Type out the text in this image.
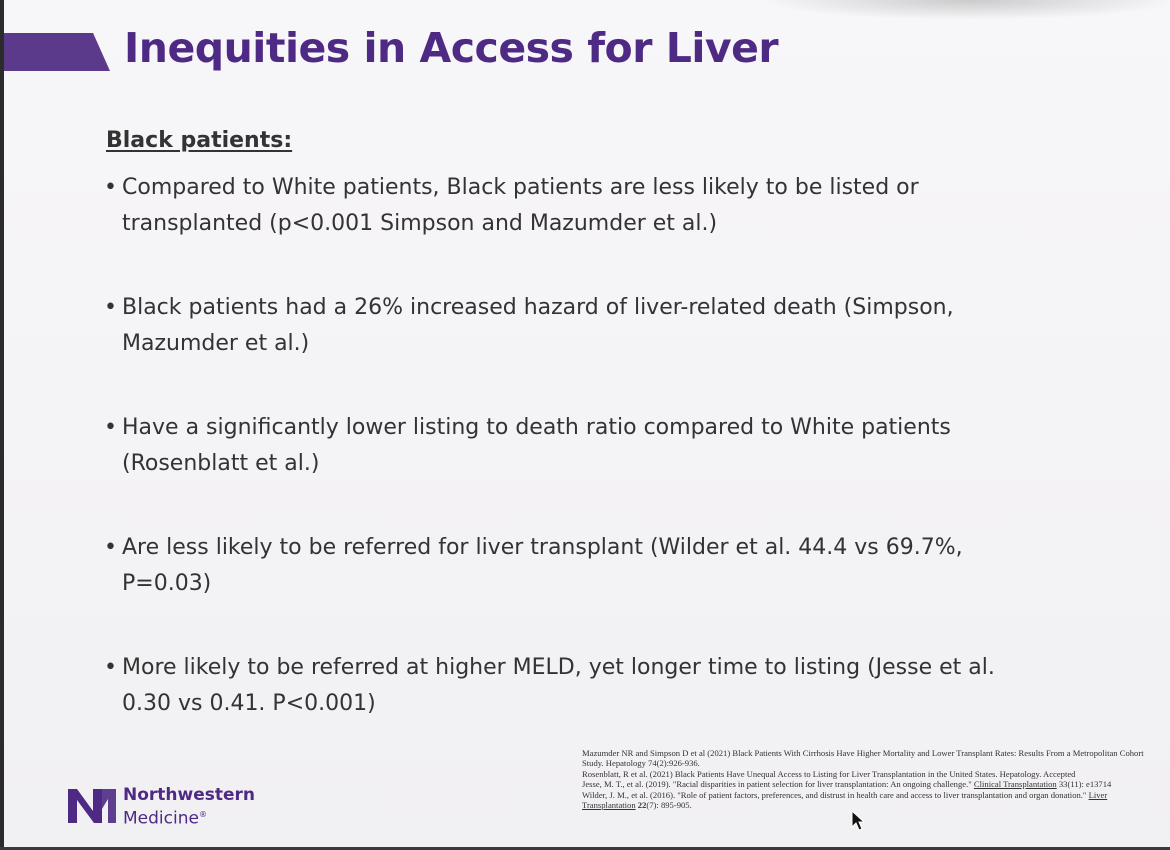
Inequities in Access for Liver
Black patients:
• Compared to White patients, Black patients are less likely to be listed or transplanted (p<0.001 Simpson and Mazumder et al.)
• Black patients had a 26% increased hazard of liver-related death (Simpson, Mazumder et al.)
• Have a significantly lower listing to death ratio compared to White patients (Rosenblatt et al.)
• Are less likely to be referred for liver transplant (Wilder et al. 44.4 vs 69.7%, P=0.03)
• More likely to be referred at higher MELD, yet longer time to listing (Jesse et al. 0.30 vs 0.41. P<0.001)
Northwestern
Medicine®

Mazumder NR and Simpson D et al (2021) Black Patients With Cirrhosis Have Higher Mortality and Lower Transplant Rates: Results From a Metropolitan Cohort Study. Hepatology 74(2):926-936.

Rosenblatt, R et al. (2021) Black Patients Have Unequal Access to Listing for Liver Transplantation in the United States. Hepatology. Accepted

Jesse, M. T., et al. (2019). "Racial disparities in patient selection for liver transplantation: An ongoing challenge." Clinical Transplantation 33(11): e13714

Wilder, J. M., et al. (2016). "Role of patient factors, preferences, and distrust in health care and access to liver transplantation and organ donation." Liver Transplantation 22(7): 895-905.
